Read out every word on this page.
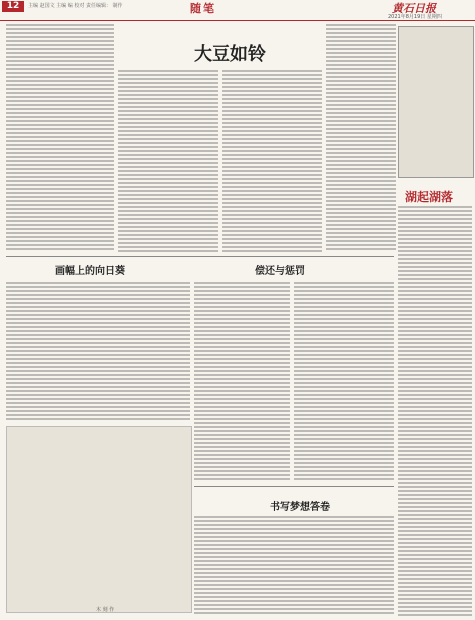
12	主编 赵国文 主编 编 校对 责任编辑： 制作	随笔	黄石日报
2021年8月19日 星期四
大豆如铃
湖起湖落
画幅上的向日葵
木 刻 作
偿还与惩罚
书写梦想答卷
